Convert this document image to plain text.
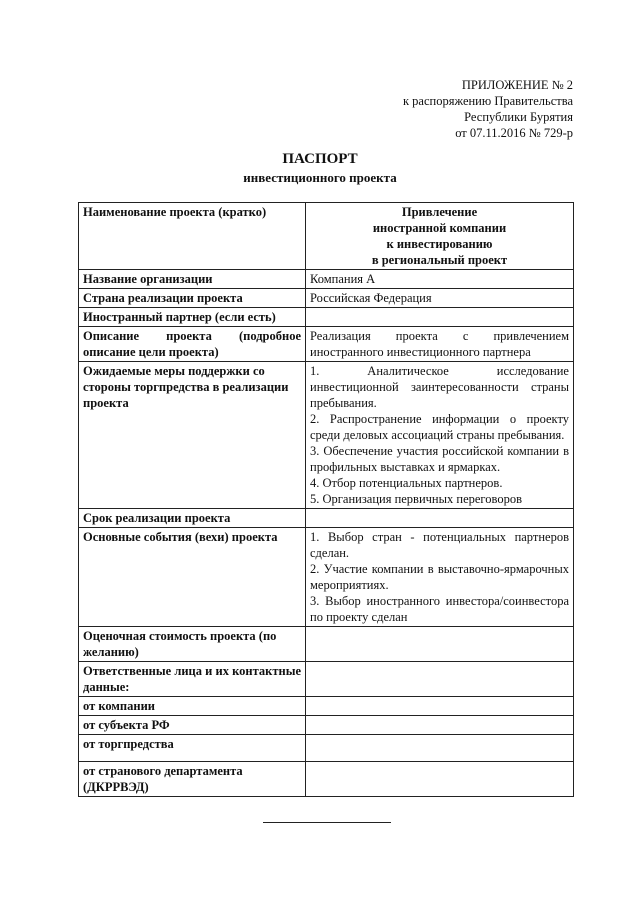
ПРИЛОЖЕНИЕ № 2
к распоряжению Правительства
Республики Бурятия
от 07.11.2016 № 729-р
ПАСПОРТ
инвестиционного проекта
Наименование проекта (кратко)	Привлечение
иностранной компании
к инвестированию
в региональный проект

Название организации	Компания А
Страна реализации проекта	Российская Федерация
Иностранный партнер (если есть)	
Описание проекта (подробное описание цели проекта)	Реализация проекта с привлечением иностранного инвестиционного партнера
Ожидаемые меры поддержки со стороны торгпредства в реализации проекта	1. Аналитическое исследование инвестиционной заинтересованности страны пребывания.
2. Распространение информации о проекту среди деловых ассоциаций страны пребывания.
3. Обеспечение участия российской компании в профильных выставках и ярмарках.
4. Отбор потенциальных партнеров.
5. Организация первичных переговоров

Срок реализации проекта	
Основные события (вехи) проекта	1. Выбор стран - потенциальных партнеров сделан.
2. Участие компании в выставочно-ярмарочных мероприятиях.
3. Выбор иностранного инвестора/соинвестора по проекту сделан

Оценочная стоимость проекта (по желанию)	
Ответственные лица и их контактные данные:	
от компании	
от субъекта РФ	
от торгпредства	
от странового департамента (ДКРРВЭД)	
